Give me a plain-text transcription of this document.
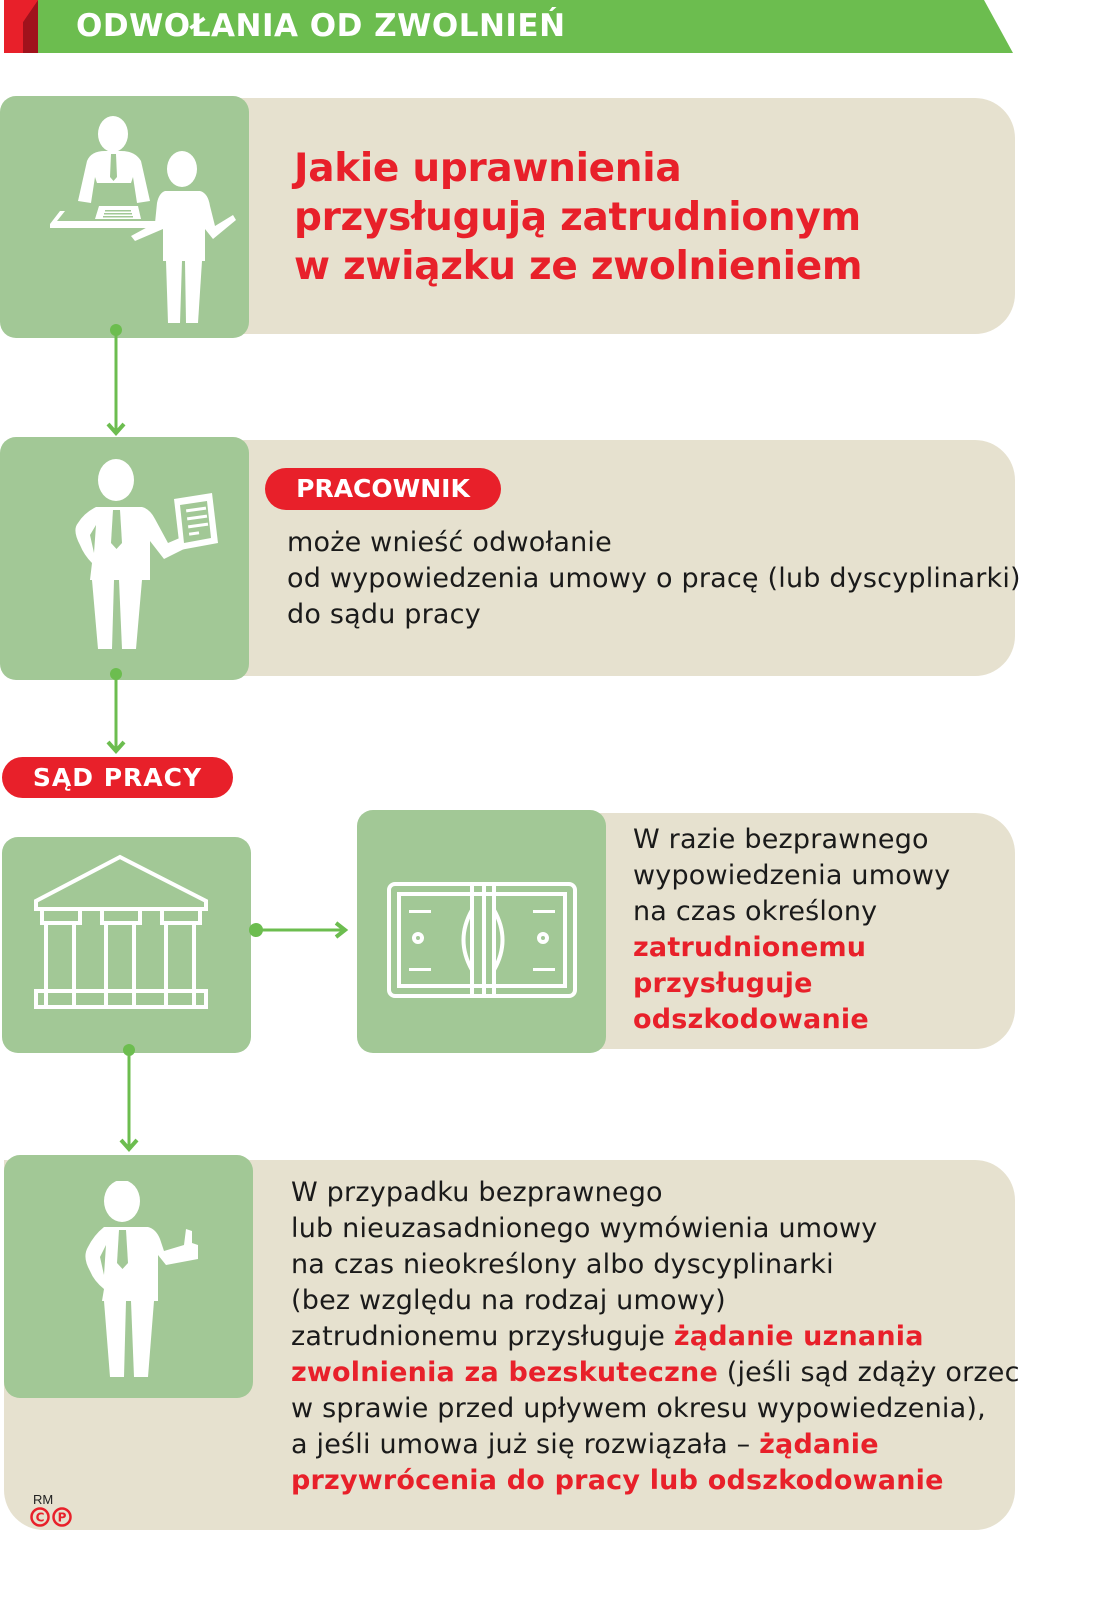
ODWOŁANIA OD ZWOLNIEŃ
Jakie uprawnienia
przysługują zatrudnionym
w związku ze zwolnieniem
PRACOWNIK
może wnieść odwołanie
od wypowiedzenia umowy o pracę (lub dyscyplinarki)
do sądu pracy
SĄD PRACY
W razie bezprawnego
wypowiedzenia umowy
na czas określony
zatrudnionemu
przysługuje
odszkodowanie
W przypadku bezprawnego
lub nieuzasadnionego wymówienia umowy
na czas nieokreślony albo dyscyplinarki
(bez względu na rodzaj umowy)
zatrudnionemu przysługuje żądanie uznania
zwolnienia za bezskuteczne (jeśli sąd zdąży orzec
w sprawie przed upływem okresu wypowiedzenia),
a jeśli umowa już się rozwiązała – żądanie
przywrócenia do pracy lub odszkodowanie
RM
C P
